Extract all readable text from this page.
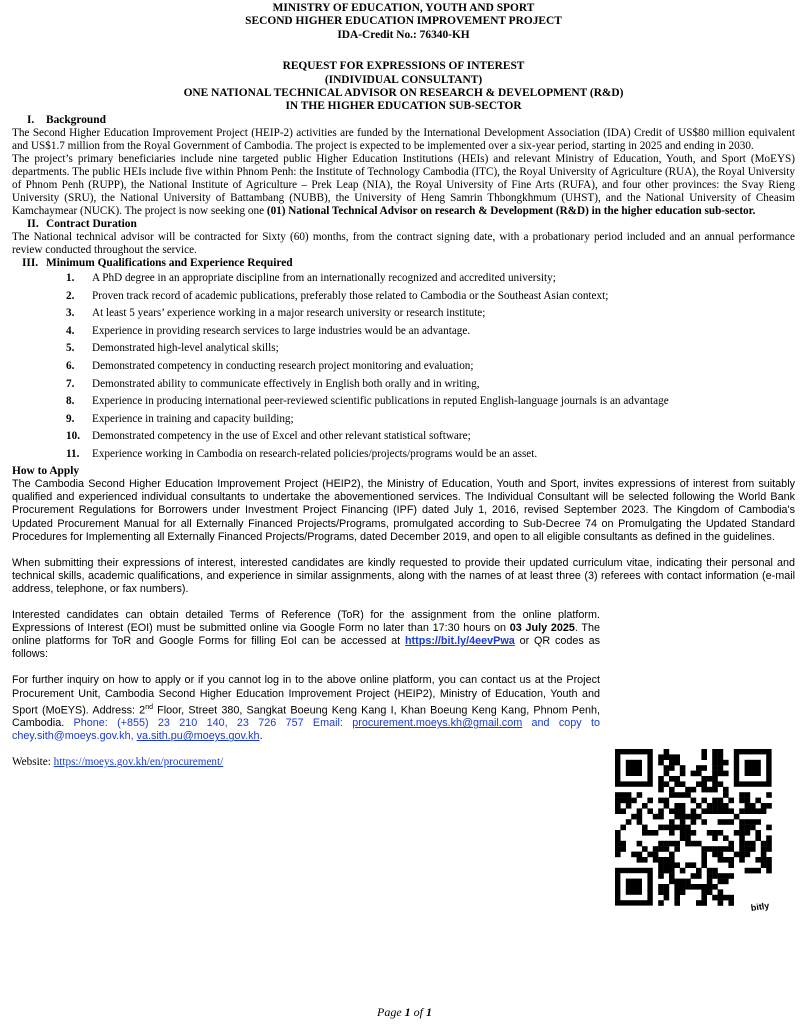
MINISTRY OF EDUCATION, YOUTH AND SPORT
SECOND HIGHER EDUCATION IMPROVEMENT PROJECT
IDA-Credit No.: 76340-KH
REQUEST FOR EXPRESSIONS OF INTEREST
(INDIVIDUAL CONSULTANT)
ONE NATIONAL TECHNICAL ADVISOR ON RESEARCH & DEVELOPMENT (R&D)
IN THE HIGHER EDUCATION SUB-SECTOR
I. Background

The Second Higher Education Improvement Project (HEIP-2) activities are funded by the International Development Association (IDA) Credit of US$80 million equivalent and US$1.7 million from the Royal Government of Cambodia. The project is expected to be implemented over a six-year period, starting in 2025 and ending in 2030.

The project’s primary beneficiaries include nine targeted public Higher Education Institutions (HEIs) and relevant Ministry of Education, Youth, and Sport (MoEYS) departments. The public HEIs include five within Phnom Penh: the Institute of Technology Cambodia (ITC), the Royal University of Agriculture (RUA), the Royal University of Phnom Penh (RUPP), the National Institute of Agriculture – Prek Leap (NIA), the Royal University of Fine Arts (RUFA), and four other provinces: the Svay Rieng University (SRU), the National University of Battambang (NUBB), the University of Heng Samrin Thbongkhmum (UHST), and the National University of Cheasim Kamchaymear (NUCK). The project is now seeking one (01) National Technical Advisor on research & Development (R&D) in the higher education sub-sector.

II. Contract Duration

The National technical advisor will be contracted for Sixty (60) months, from the contract signing date, with a probationary period included and an annual performance review conducted throughout the service.

III. Minimum Qualifications and Experience Required
1.	A PhD degree in an appropriate discipline from an internationally recognized and accredited university;
2.	Proven track record of academic publications, preferably those related to Cambodia or the Southeast Asian context;
3.	At least 5 years’ experience working in a major research university or research institute;
4.	Experience in providing research services to large industries would be an advantage.
5.	Demonstrated high-level analytical skills;
6.	Demonstrated competency in conducting research project monitoring and evaluation;
7.	Demonstrated ability to communicate effectively in English both orally and in writing,
8.	Experience in producing international peer-reviewed scientific publications in reputed English-language journals is an advantage
9.	Experience in training and capacity building;
10.	Demonstrated competency in the use of Excel and other relevant statistical software;
11.	Experience working in Cambodia on research-related policies/projects/programs would be an asset.
How to Apply

The Cambodia Second Higher Education Improvement Project (HEIP2), the Ministry of Education, Youth and Sport, invites expressions of interest from suitably qualified and experienced individual consultants to undertake the abovementioned services. The Individual Consultant will be selected following the World Bank Procurement Regulations for Borrowers under Investment Project Financing (IPF) dated July 1, 2016, revised September 2023. The Kingdom of Cambodia's Updated Procurement Manual for all Externally Financed Projects/Programs, promulgated according to Sub-Decree 74 on Promulgating the Updated Standard Procedures for Implementing all Externally Financed Projects/Programs, dated December 2019, and open to all eligible consultants as defined in the guidelines.

When submitting their expressions of interest, interested candidates are kindly requested to provide their updated curriculum vitae, indicating their personal and technical skills, academic qualifications, and experience in similar assignments, along with the names of at least three (3) referees with contact information (e-mail address, telephone, or fax numbers).

Interested candidates can obtain detailed Terms of Reference (ToR) for the assignment from the online platform. Expressions of Interest (EOI) must be submitted online via Google Form no later than 17:30 hours on 03 July 2025. The online platforms for ToR and Google Forms for filling EoI can be accessed at https://bit.ly/4eevPwa or QR codes as follows:

For further inquiry on how to apply or if you cannot log in to the above online platform, you can contact us at the Project Procurement Unit, Cambodia Second Higher Education Improvement Project (HEIP2), Ministry of Education, Youth and Sport (MoEYS). Address: 2nd Floor, Street 380, Sangkat Boeung Keng Kang I, Khan Boeung Keng Kang, Phnom Penh, Cambodia. Phone: (+855) 23 210 140, 23 726 757 Email: procurement.moeys.kh@gmail.com and copy to chey.sith@moeys.gov.kh, va.sith.pu@moeys.gov.kh.

Website: https://moeys.gov.kh/en/procurement/

bitly
Page 1 of 1
